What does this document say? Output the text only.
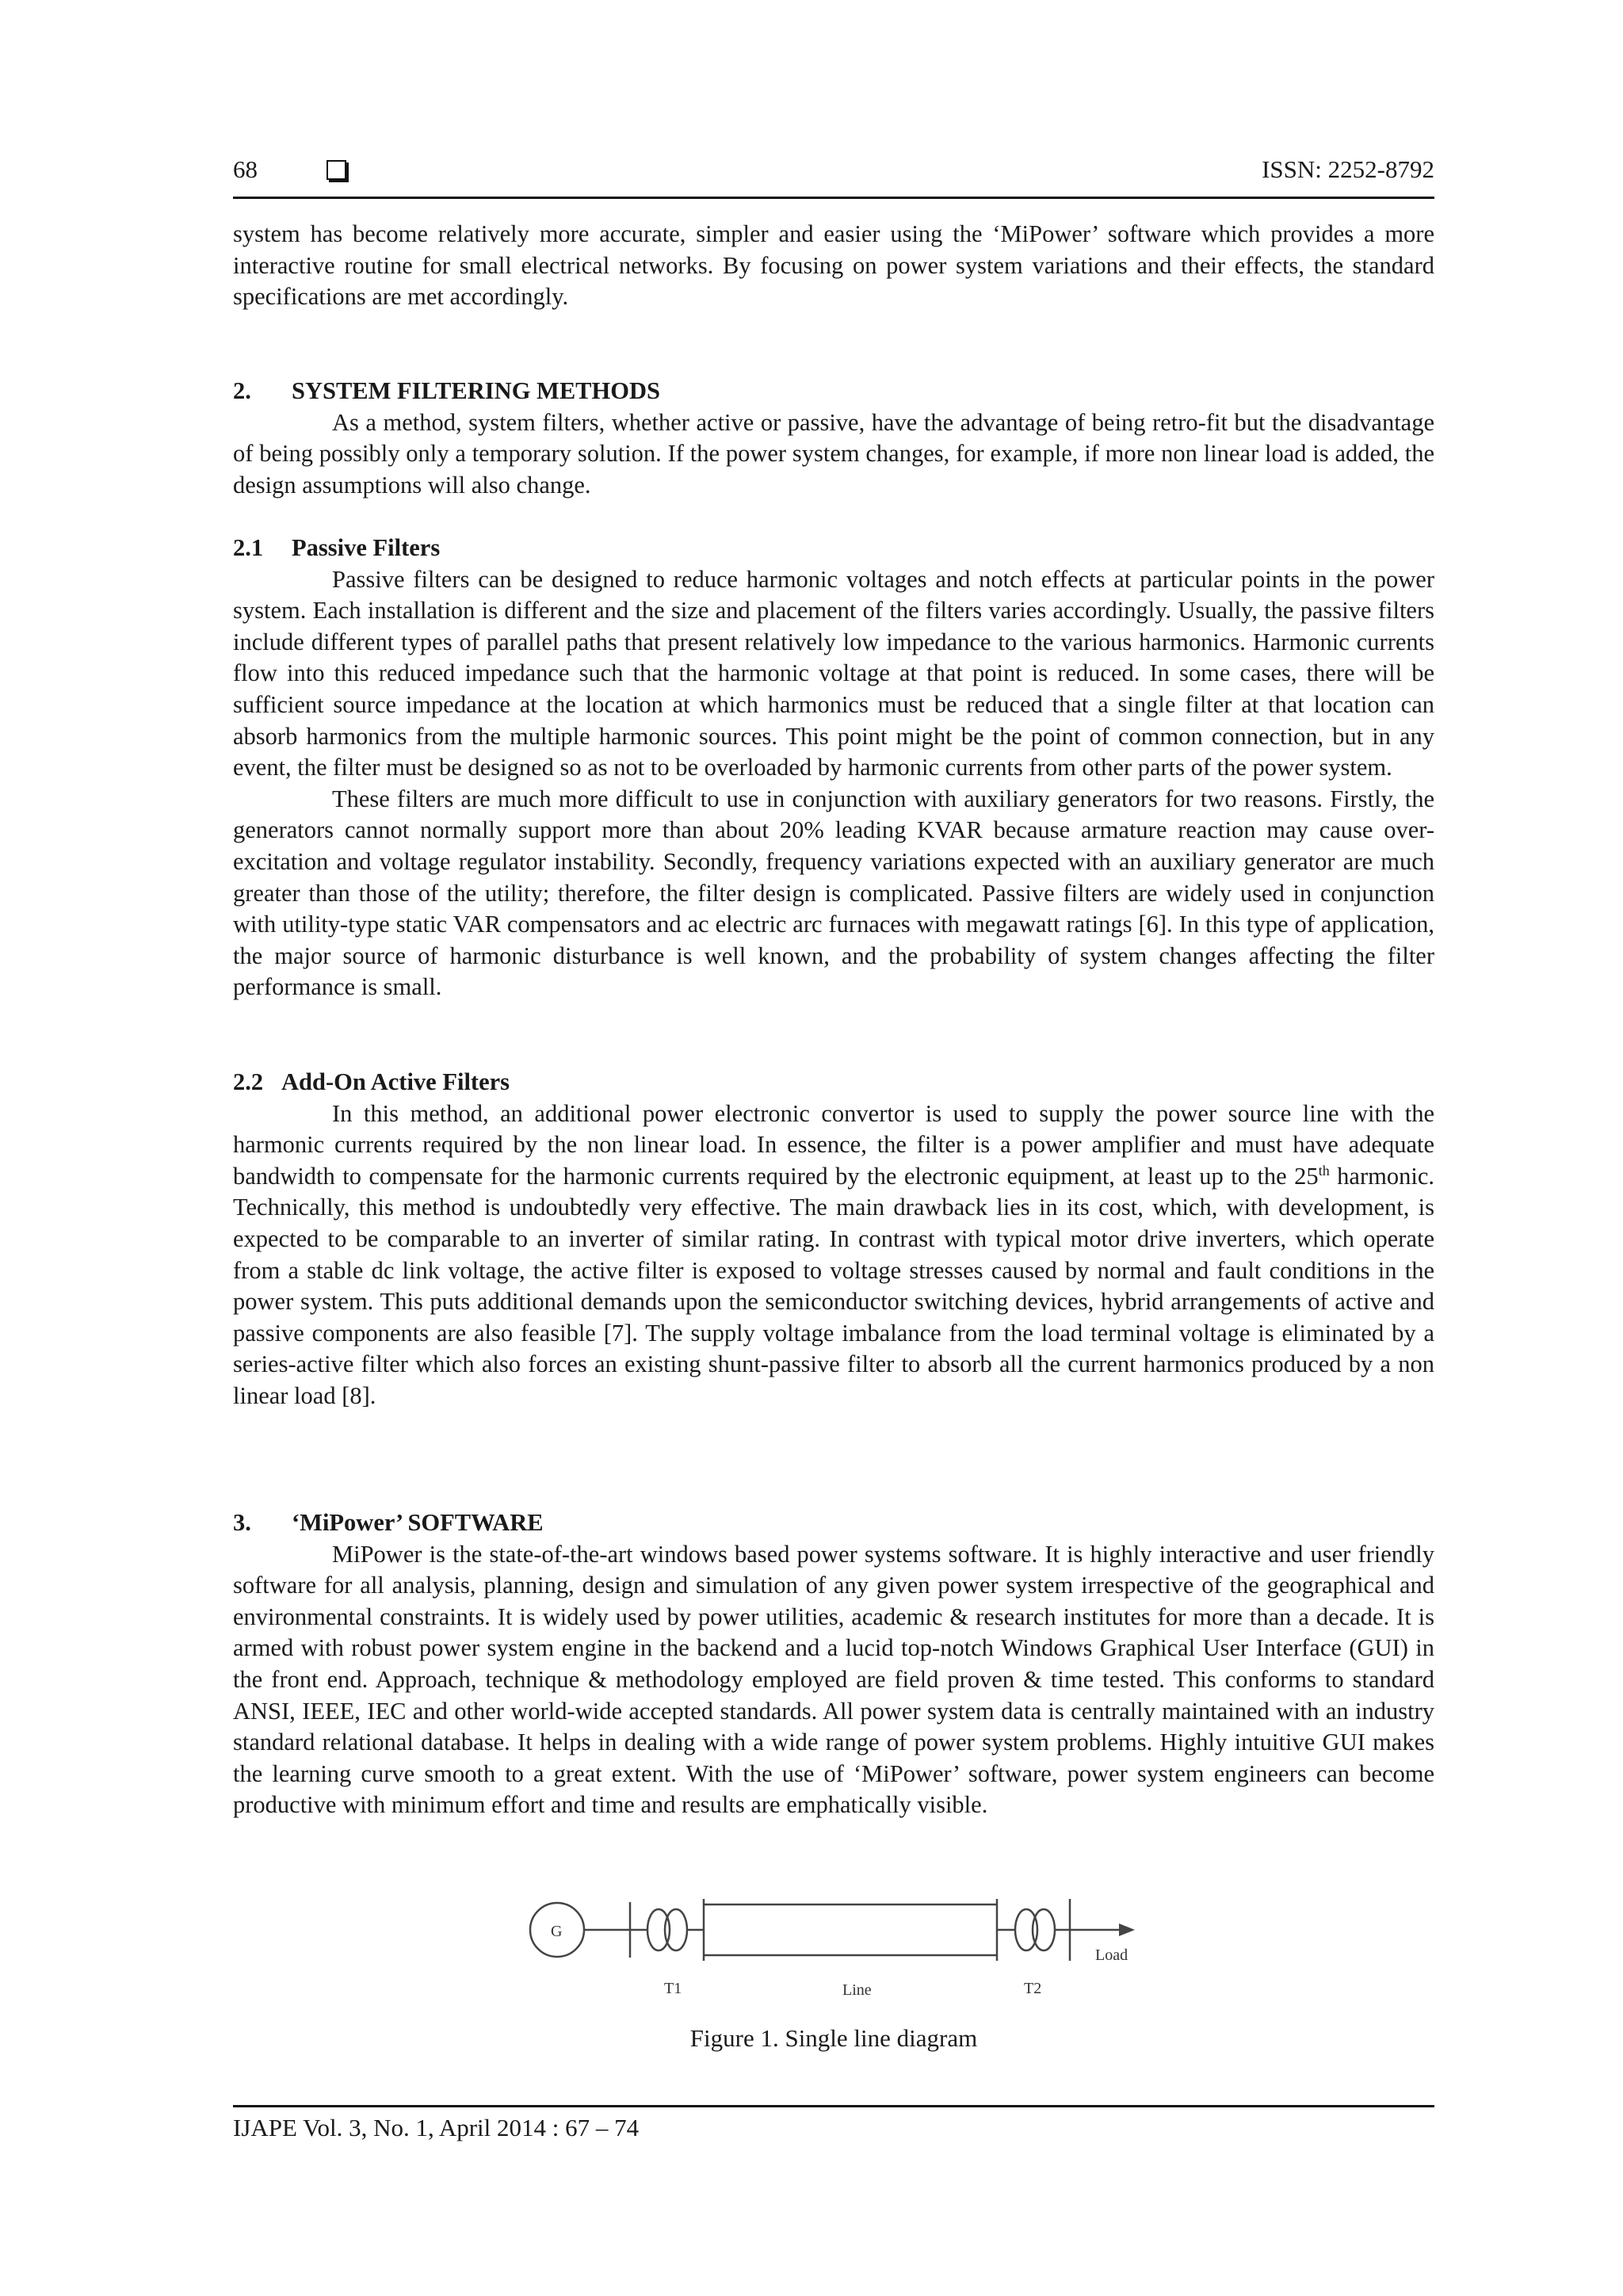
68	ISSN: 2252-8792

system has become relatively more accurate, simpler and easier using the ‘MiPower’ software which provides a more interactive routine for small electrical networks. By focusing on power system variations and their effects, the standard specifications are met accordingly.

2. SYSTEM FILTERING METHODS

As a method, system filters, whether active or passive, have the advantage of being retro-fit but the disadvantage of being possibly only a temporary solution. If the power system changes, for example, if more non linear load is added, the design assumptions will also change.

2.1 Passive Filters

Passive filters can be designed to reduce harmonic voltages and notch effects at particular points in the power system. Each installation is different and the size and placement of the filters varies accordingly. Usually, the passive filters include different types of parallel paths that present relatively low impedance to the various harmonics. Harmonic currents flow into this reduced impedance such that the harmonic voltage at that point is reduced. In some cases, there will be sufficient source impedance at the location at which harmonics must be reduced that a single filter at that location can absorb harmonics from the multiple harmonic sources. This point might be the point of common connection, but in any event, the filter must be designed so as not to be overloaded by harmonic currents from other parts of the power system.

These filters are much more difficult to use in conjunction with auxiliary generators for two reasons. Firstly, the generators cannot normally support more than about 20% leading KVAR because armature reaction may cause over-excitation and voltage regulator instability. Secondly, frequency variations expected with an auxiliary generator are much greater than those of the utility; therefore, the filter design is complicated. Passive filters are widely used in conjunction with utility-type static VAR compensators and ac electric arc furnaces with megawatt ratings [6]. In this type of application, the major source of harmonic disturbance is well known, and the probability of system changes affecting the filter performance is small.

2.2 Add-On Active Filters

In this method, an additional power electronic convertor is used to supply the power source line with the harmonic currents required by the non linear load. In essence, the filter is a power amplifier and must have adequate bandwidth to compensate for the harmonic currents required by the electronic equipment, at least up to the 25th harmonic. Technically, this method is undoubtedly very effective. The main drawback lies in its cost, which, with development, is expected to be comparable to an inverter of similar rating. In contrast with typical motor drive inverters, which operate from a stable dc link voltage, the active filter is exposed to voltage stresses caused by normal and fault conditions in the power system. This puts additional demands upon the semiconductor switching devices, hybrid arrangements of active and passive components are also feasible [7]. The supply voltage imbalance from the load terminal voltage is eliminated by a series-active filter which also forces an existing shunt-passive filter to absorb all the current harmonics produced by a non linear load [8].

3. ‘MiPower’ SOFTWARE

MiPower is the state-of-the-art windows based power systems software. It is highly interactive and user friendly software for all analysis, planning, design and simulation of any given power system irrespective of the geographical and environmental constraints. It is widely used by power utilities, academic & research institutes for more than a decade. It is armed with robust power system engine in the backend and a lucid top-notch Windows Graphical User Interface (GUI) in the front end. Approach, technique & methodology employed are field proven & time tested. This conforms to standard ANSI, IEEE, IEC and other world-wide accepted standards. All power system data is centrally maintained with an industry standard relational database. It helps in dealing with a wide range of power system problems. Highly intuitive GUI makes the learning curve smooth to a great extent. With the use of ‘MiPower’ software, power system engineers can become productive with minimum effort and time and results are emphatically visible.

G
T1	Line	T2
Load
Figure 1. Single line diagram
IJAPE Vol. 3, No. 1, April 2014 : 67 – 74
